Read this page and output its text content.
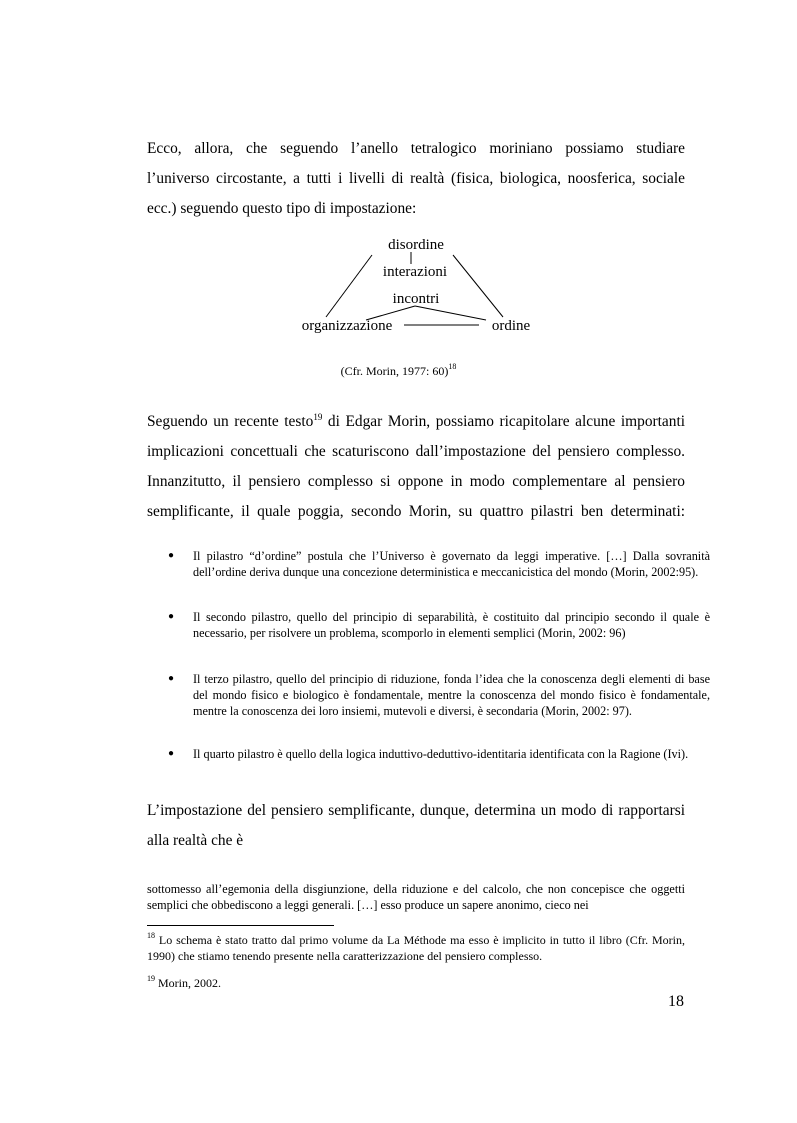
Ecco, allora, che seguendo l’anello tetralogico moriniano possiamo studiare
l’universo circostante, a tutti i livelli di realtà (fisica, biologica, noosferica, sociale
ecc.) seguendo questo tipo di impostazione:
disordine
interazioni
incontri
organizzazione	ordine
(Cfr. Morin, 1977: 60)$^{18}$
Seguendo un recente testo$^{19}$ di Edgar Morin, possiamo ricapitolare alcune importanti
implicazioni concettuali che scaturiscono dall’impostazione del pensiero complesso.
Innanzitutto, il pensiero complesso si oppone in modo complementare al pensiero
semplificante, il quale poggia, secondo Morin, su quattro pilastri ben determinati:
● Il pilastro “d’ordine” postula che l’Universo è governato da leggi imperative. […] Dalla sovranità dell’ordine deriva dunque una concezione deterministica e meccanicistica del mondo (Morin, 2002:95).
● Il secondo pilastro, quello del principio di separabilità, è costituito dal principio secondo il quale è necessario, per risolvere un problema, scomporlo in elementi semplici (Morin, 2002: 96)
● Il terzo pilastro, quello del principio di riduzione, fonda l’idea che la conoscenza degli elementi di base del mondo fisico e biologico è fondamentale, mentre la conoscenza del mondo fisico è fondamentale, mentre la conoscenza dei loro insiemi, mutevoli e diversi, è secondaria (Morin, 2002: 97).
● Il quarto pilastro è quello della logica induttivo-deduttivo-identitaria identificata con la Ragione (Ivi).
L’impostazione del pensiero semplificante, dunque, determina un modo di rapportarsi
alla realtà che è
sottomesso all’egemonia della disgiunzione, della riduzione e del calcolo, che non concepisce che oggetti semplici che obbediscono a leggi generali. […] esso produce un sapere anonimo, cieco nei
$^{18}$ Lo schema è stato tratto dal primo volume da La Méthode ma esso è implicito in tutto il libro (Cfr. Morin, 1990) che stiamo tenendo presente nella caratterizzazione del pensiero complesso.
$^{19}$ Morin, 2002.
18
